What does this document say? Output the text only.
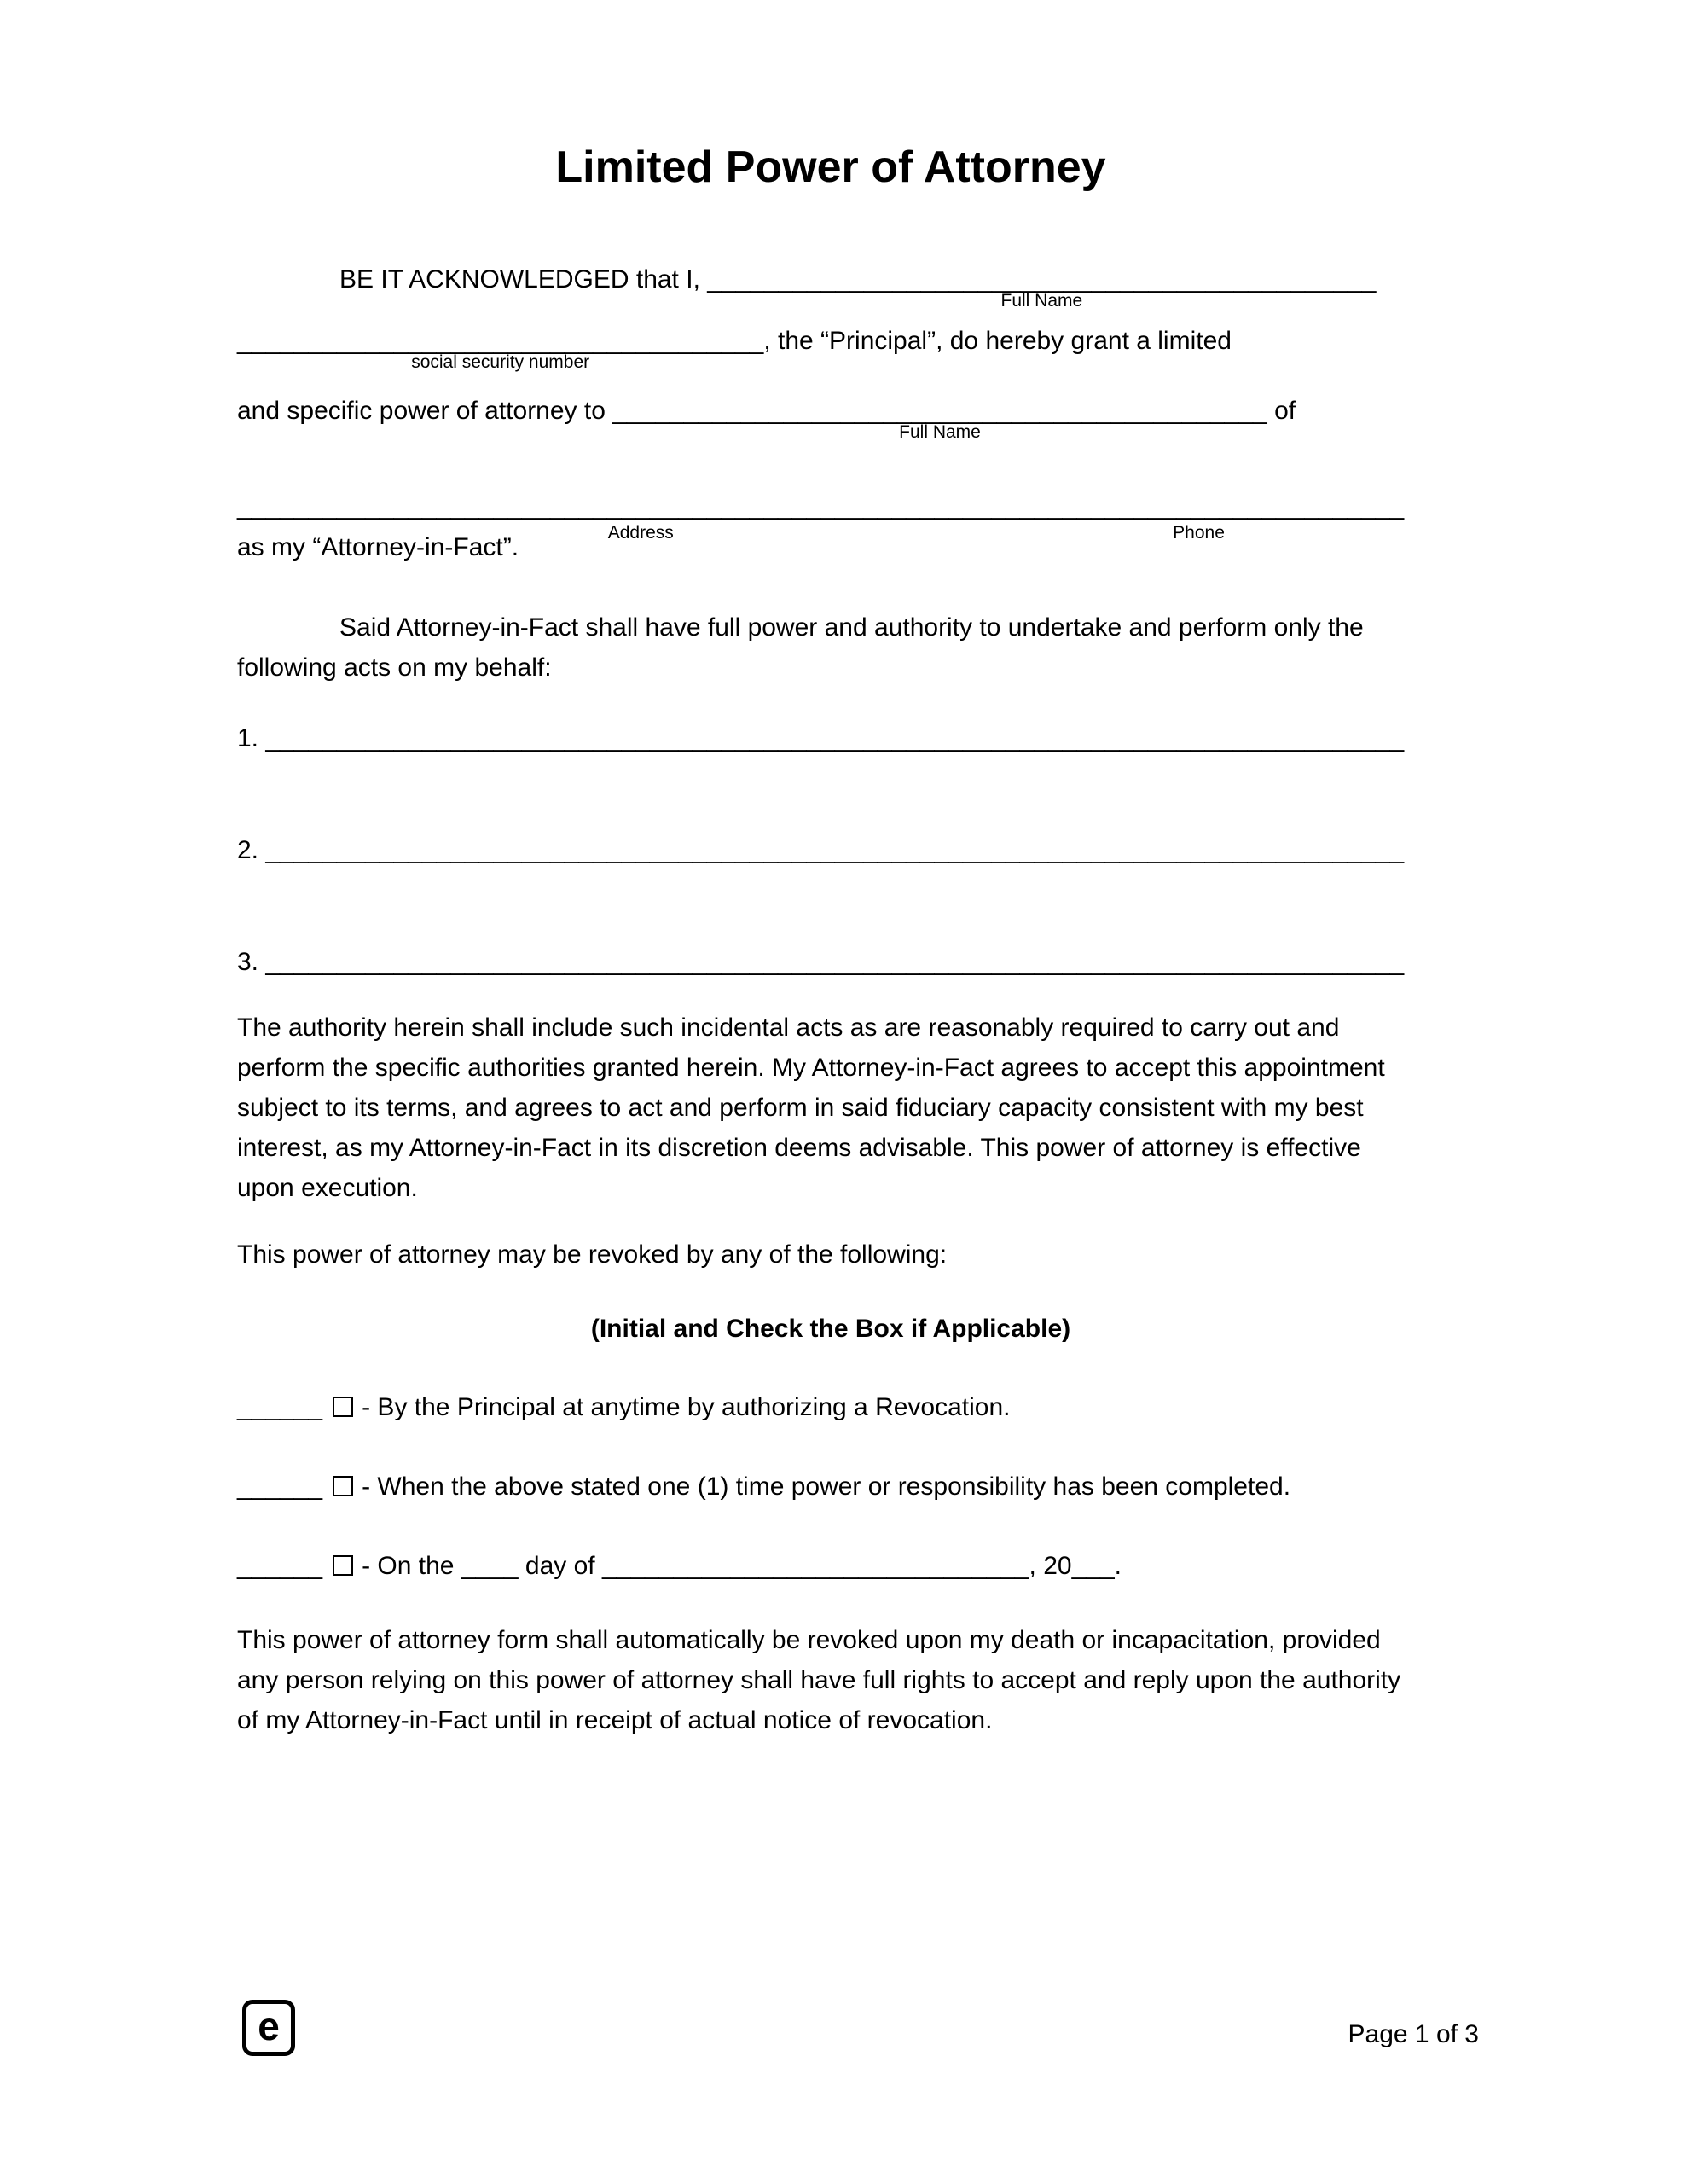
Limited Power of Attorney
BE IT ACKNOWLEDGED that I, _______________________________________________
Full Name
_____________________________________
social security number
, the “Principal”, do hereby grant a limited
and specific power of attorney to ______________________________________________
Full Name
of
__________________________________________________________________________________
Address	Phone
as my “Attorney-in-Fact”.
Said Attorney-in-Fact shall have full power and authority to undertake and perform only the following acts on my behalf:
1. ________________________________________________________________________________
2. ________________________________________________________________________________
3. ________________________________________________________________________________
The authority herein shall include such incidental acts as are reasonably required to carry out and perform the specific authorities granted herein. My Attorney-in-Fact agrees to accept this appointment subject to its terms, and agrees to act and perform in said fiduciary capacity consistent with my best interest, as my Attorney-in-Fact in its discretion deems advisable. This power of attorney is effective upon execution.
This power of attorney may be revoked by any of the following:
(Initial and Check the Box if Applicable)
______ - By the Principal at anytime by authorizing a Revocation.
______ - When the above stated one (1) time power or responsibility has been completed.
______ - On the ____ day of ______________________________, 20___.
This power of attorney form shall automatically be revoked upon my death or incapacitation, provided any person relying on this power of attorney shall have full rights to accept and reply upon the authority of my Attorney-in-Fact until in receipt of actual notice of revocation.
e	Page 1 of 3
